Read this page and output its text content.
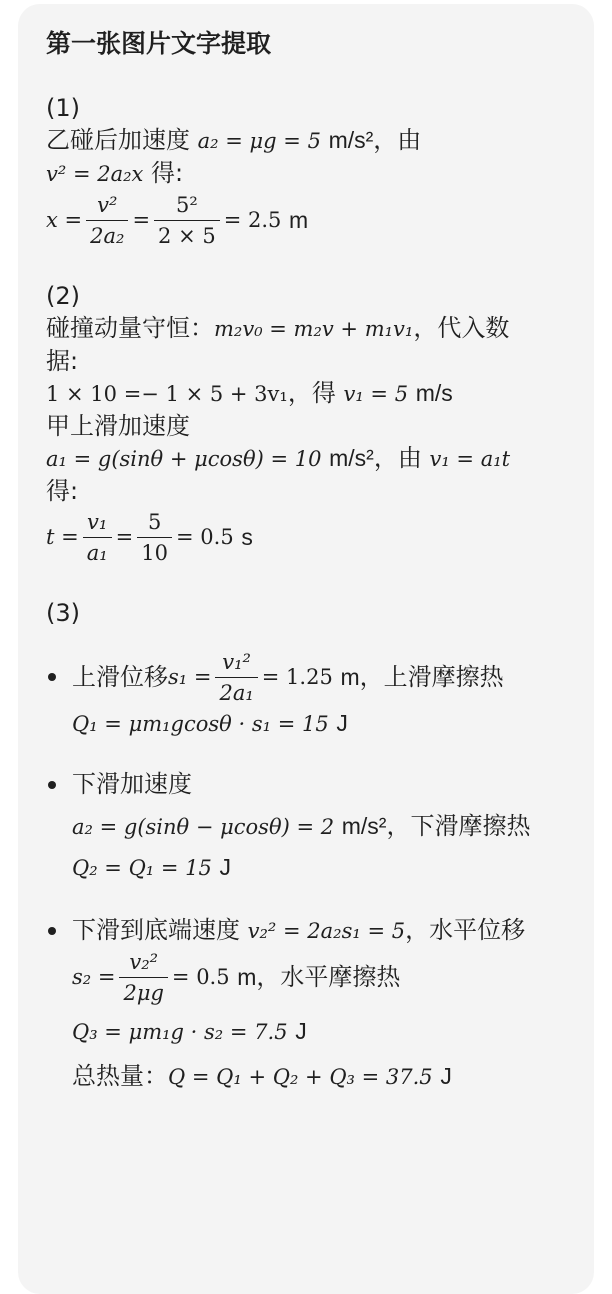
第一张图片文字提取
(1)
乙碰后加速度 a₂ = μg = 5 m/s²，由
v² = 2a₂x 得:
$x = \frac{\text{v²}}{\text{2a₂}} = \frac{\text{5²}}{2 \times 5} = 2.5$
m
(2)
碰撞动量守恒：m₂v₀ = m₂v + m₁v₁，代入数
据:
1 × 10 =− 1 × 5 + 3v₁，得 v₁ = 5 m/s
甲上滑加速度
a₁ = g(sinθ + μcosθ) = 10 m/s²，由 v₁ = a₁t
得:
$t = \frac{\text{v₁}}{\text{a₁}} = \frac{5}{10} = 0.5$
s
(3)
上滑位移 $s_1 = \frac{\text{v₁²}}{\text{2a₁}} = 1.25$
m ，上滑摩擦热
Q₁ = μm₁gcosθ · s₁ = 15 J
下滑加速度
a₂ = g(sinθ − μcosθ) = 2 m/s²，下滑摩擦热
Q₂ = Q₁ = 15 J
下滑到底端速度 v₂² = 2a₂s₁ = 5，水平位移
$s_2 = \frac{\text{v₂²}}{2\mu g} = 0.5$
m ，水平摩擦热
Q₃ = μm₁g · s₂ = 7.5 J
总热量：Q = Q₁ + Q₂ + Q₃ = 37.5 J
